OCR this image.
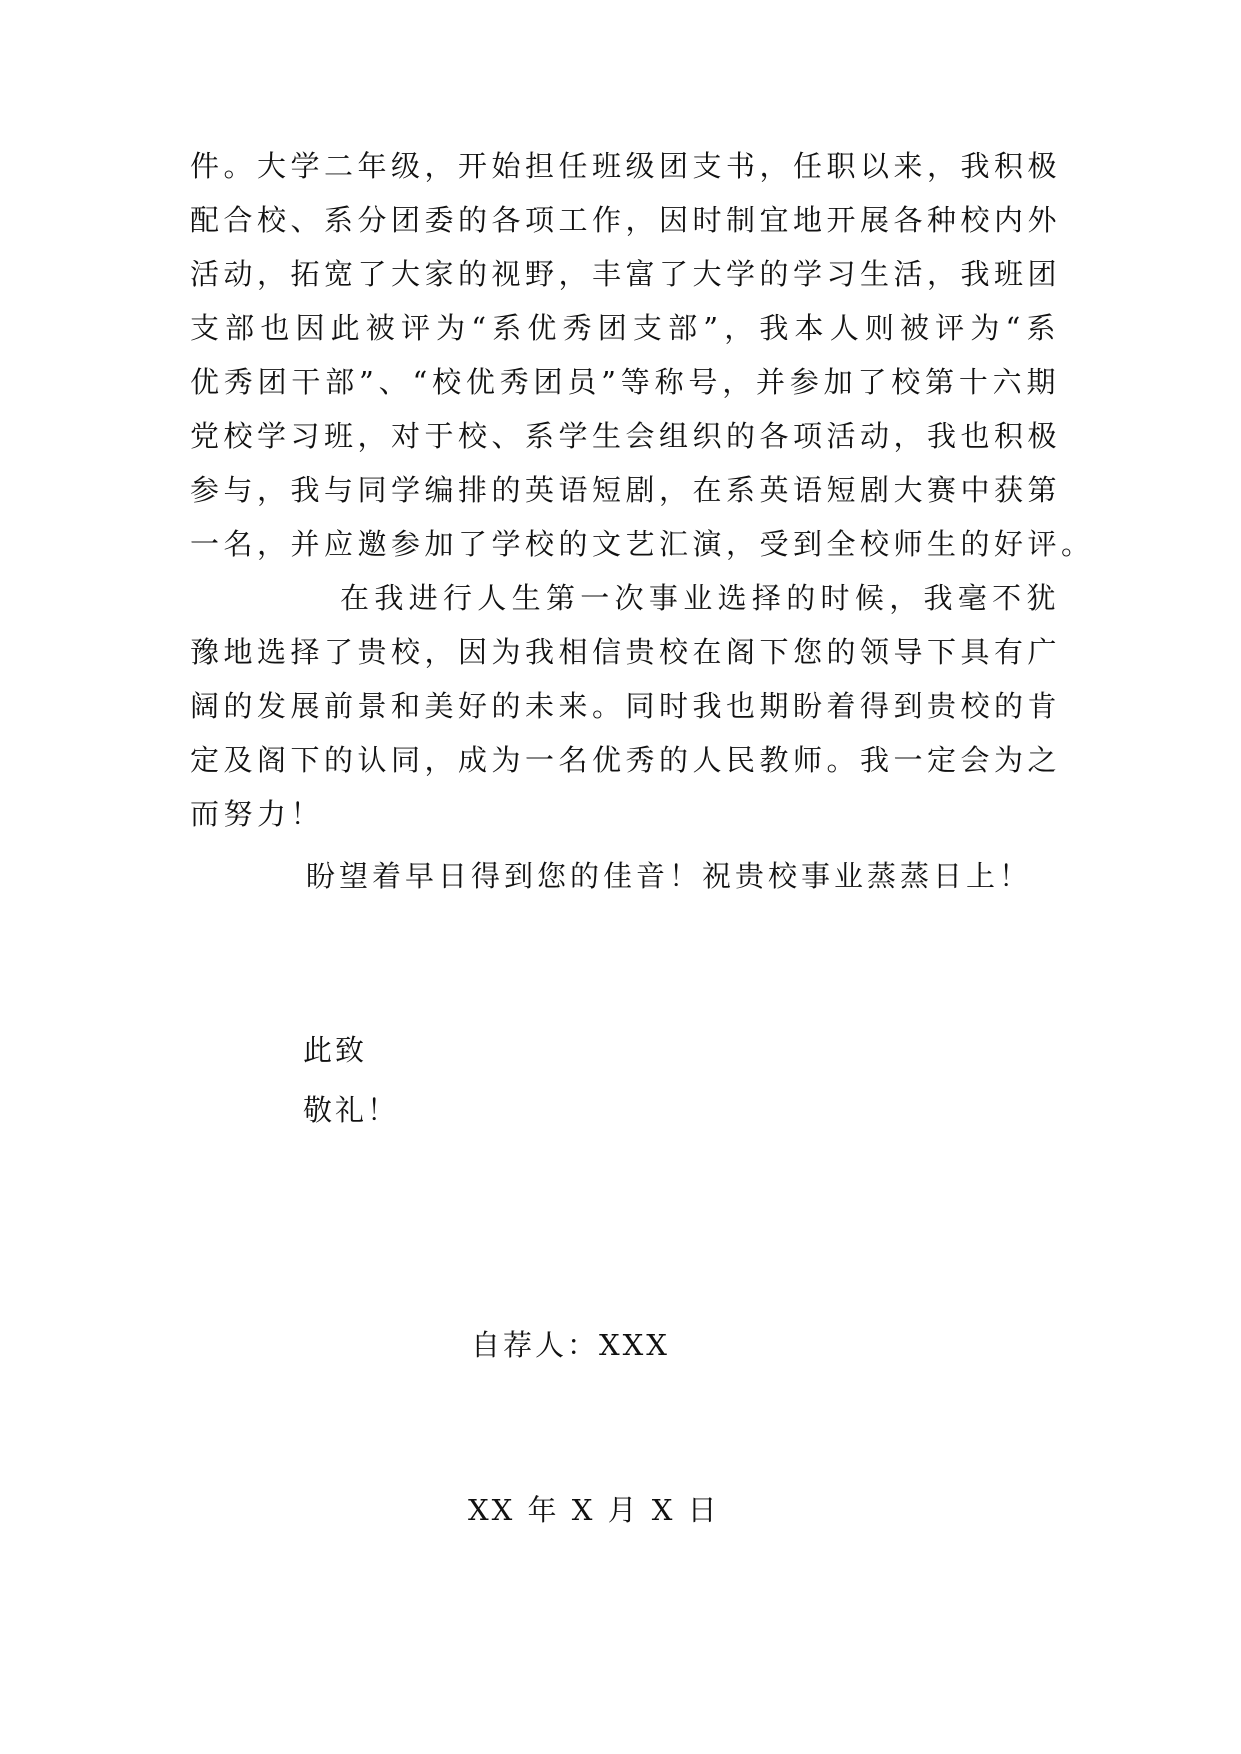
件。大学二年级，开始担任班级团支书，任职以来，我积极
配合校、系分团委的各项工作，因时制宜地开展各种校内外
活动，拓宽了大家的视野，丰富了大学的学习生活，我班团
支部也因此被评为“系优秀团支部”，我本人则被评为“系
优秀团干部”、“校优秀团员”等称号，并参加了校第十六期
党校学习班，对于校、系学生会组织的各项活动，我也积极
参与，我与同学编排的英语短剧，在系英语短剧大赛中获第
一名，并应邀参加了学校的文艺汇演，受到全校师生的好评。
在我进行人生第一次事业选择的时候，我毫不犹
豫地选择了贵校，因为我相信贵校在阁下您的领导下具有广
阔的发展前景和美好的未来。同时我也期盼着得到贵校的肯
定及阁下的认同，成为一名优秀的人民教师。我一定会为之
而努力！
盼望着早日得到您的佳音！祝贵校事业蒸蒸日上！
此致
敬礼！
自荐人：XXX
XX 年 X 月 X 日
